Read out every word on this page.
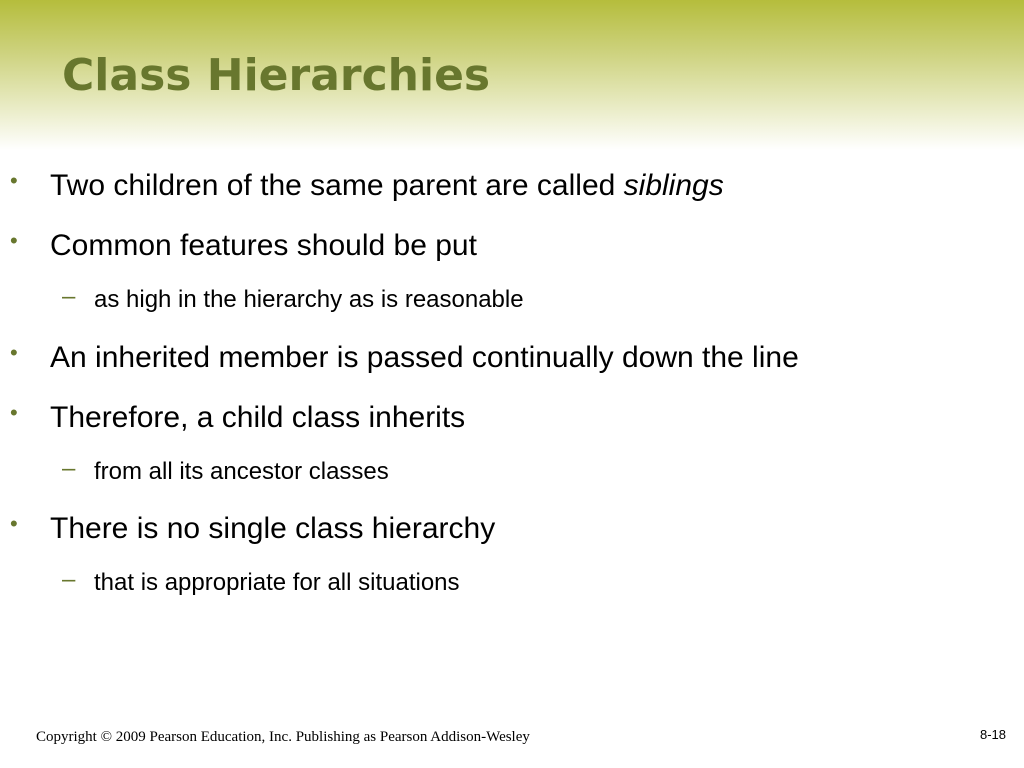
Class Hierarchies
• Two children of the same parent are called siblings
• Common features should be put
– as high in the hierarchy as is reasonable
• An inherited member is passed continually down the line
• Therefore, a child class inherits
– from all its ancestor classes
• There is no single class hierarchy
– that is appropriate for all situations
Copyright © 2009 Pearson Education, Inc. Publishing as Pearson Addison-Wesley	8-18
